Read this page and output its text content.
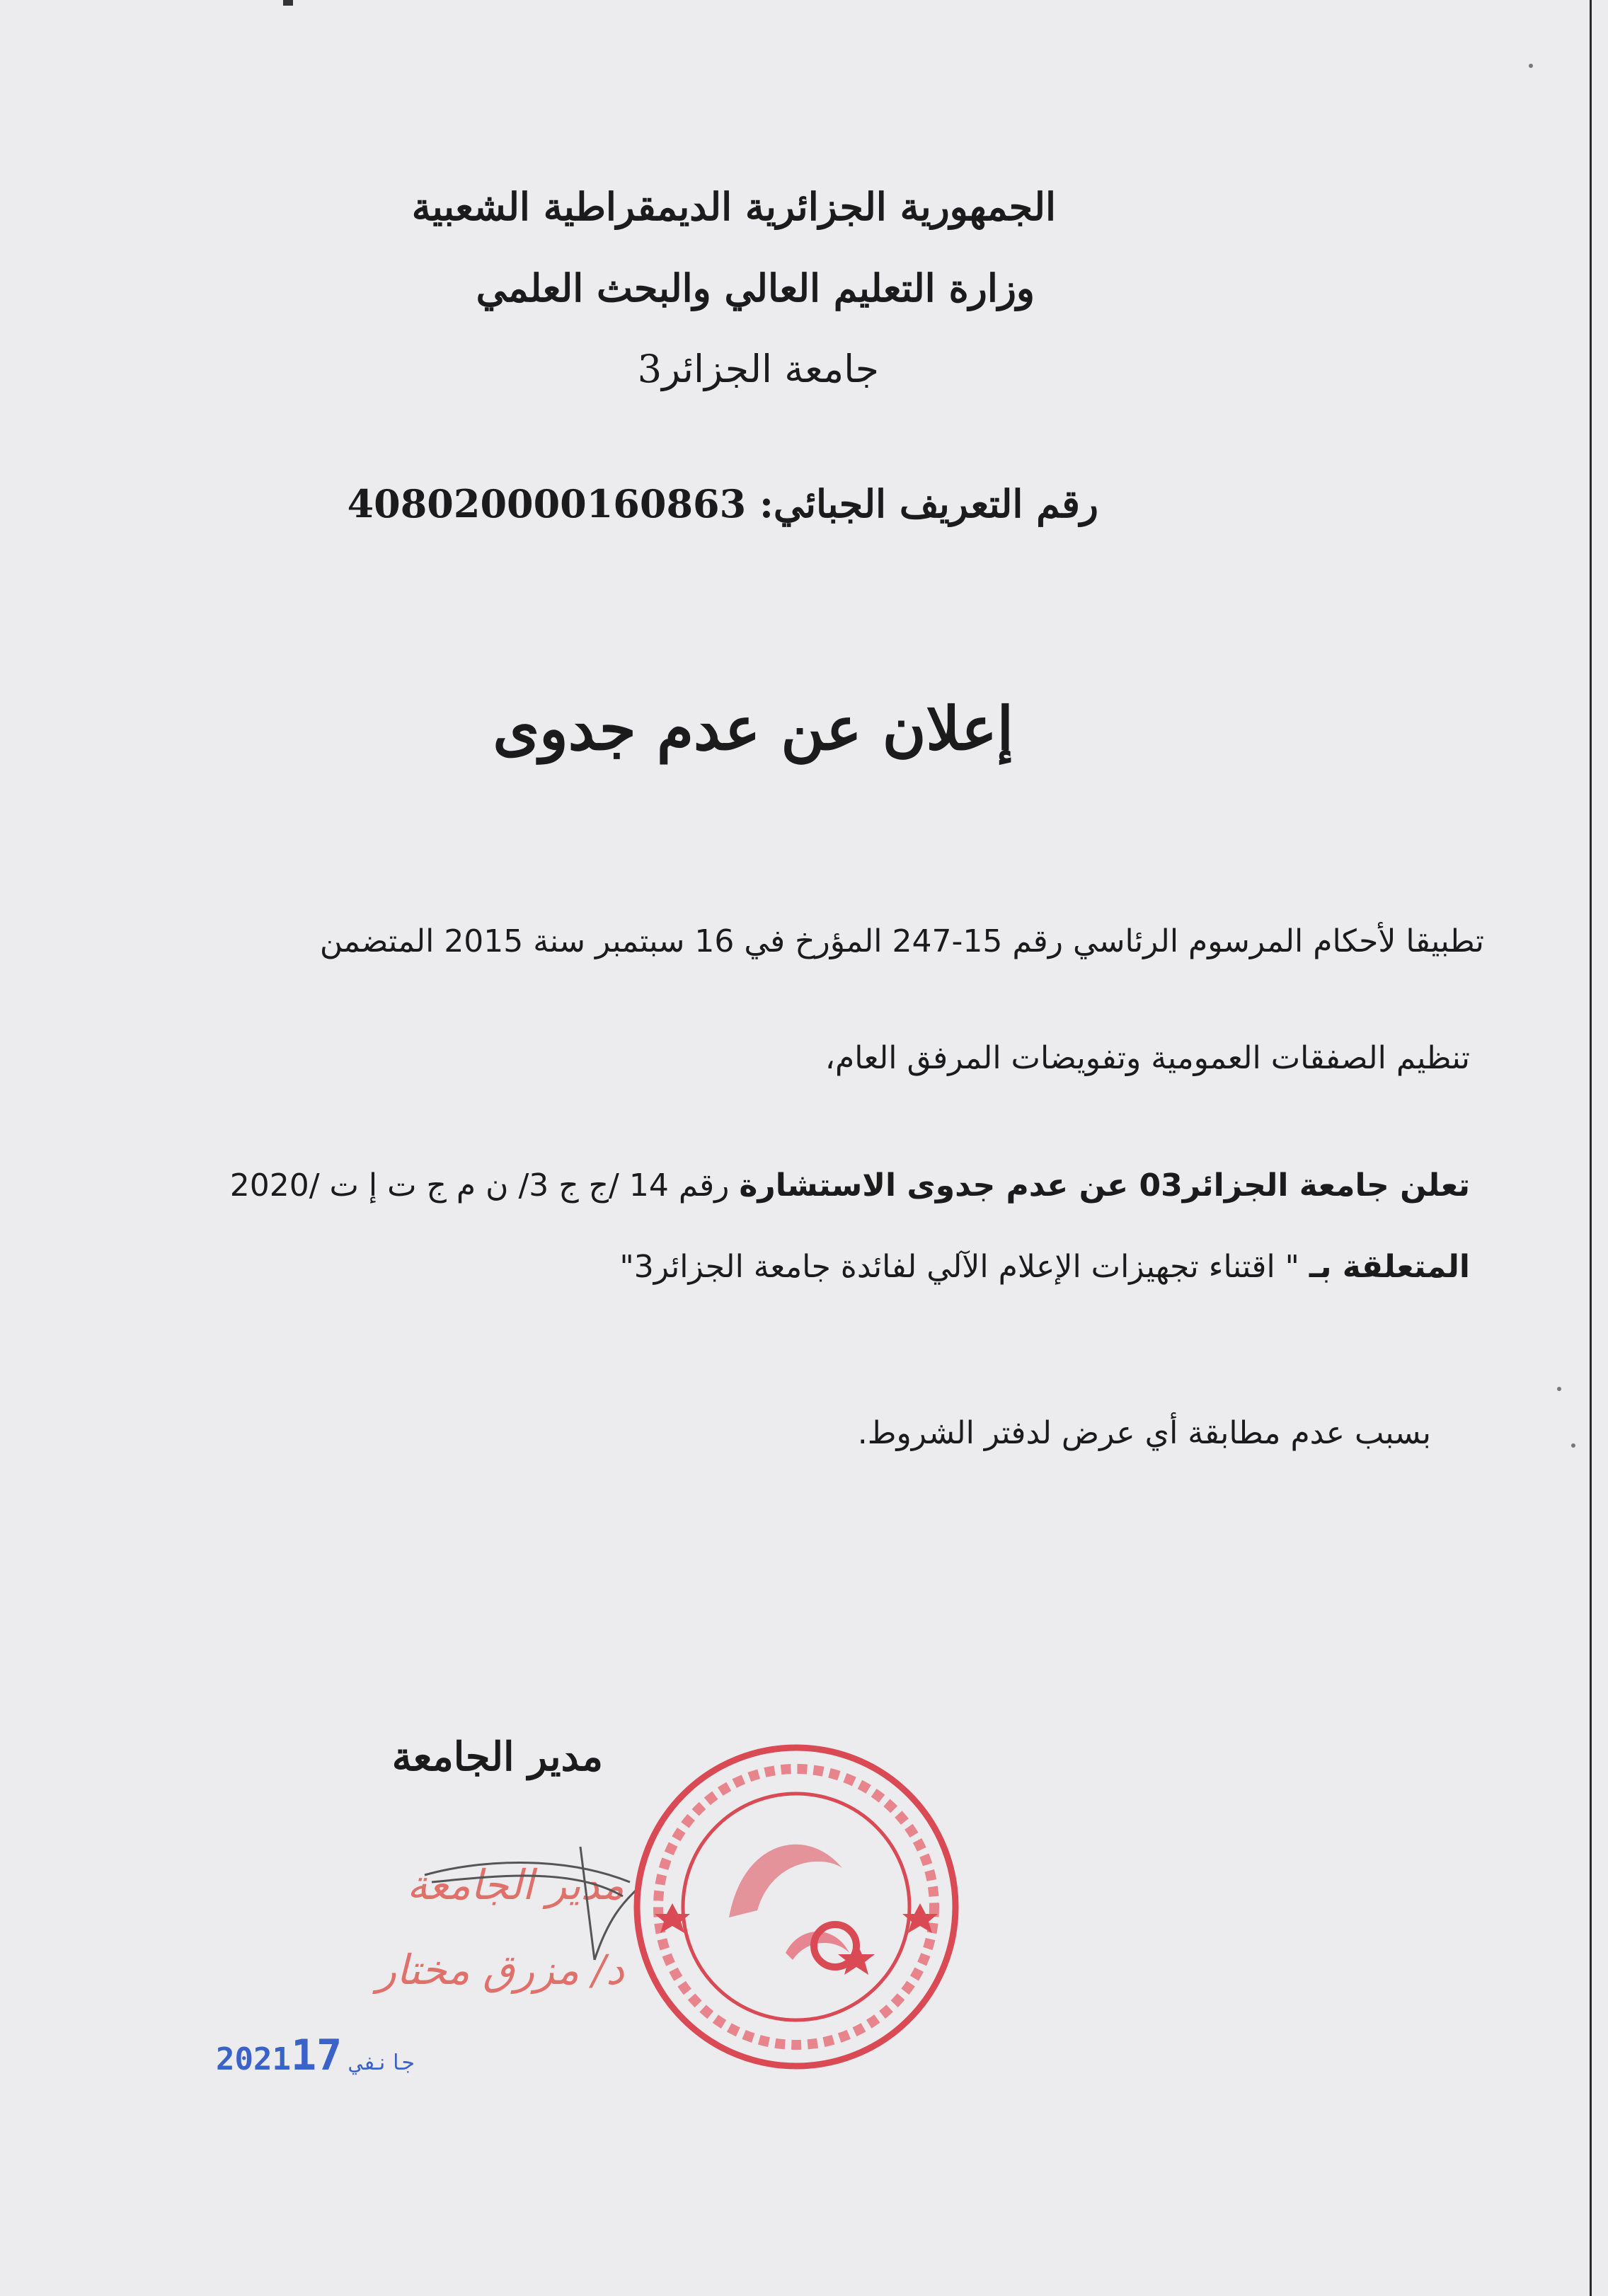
الجمهورية الجزائرية الديمقراطية الشعبية
وزارة التعليم العالي والبحث العلمي
جامعة الجزائر3
رقم التعريف الجبائي: 408020000160863
إعلان عن عدم جدوى
تطبيقا لأحكام المرسوم الرئاسي رقم 15-247 المؤرخ في 16 سبتمبر سنة 2015 المتضمن
تنظيم الصفقات العمومية وتفويضات المرفق العام،
تعلن جامعة الجزائر03 عن عدم جدوى الاستشارة رقم 14 /ج ج 3/ ن م ج ت إ ت /2020
المتعلقة بـ " اقتناء تجهيزات الإعلام الآلي لفائدة جامعة الجزائر3"
بسبب عدم مطابقة أي عرض لدفتر الشروط.
مدير الجامعة
مدير الجامعة
د/ مزرق مختار
2021	جانفي17
